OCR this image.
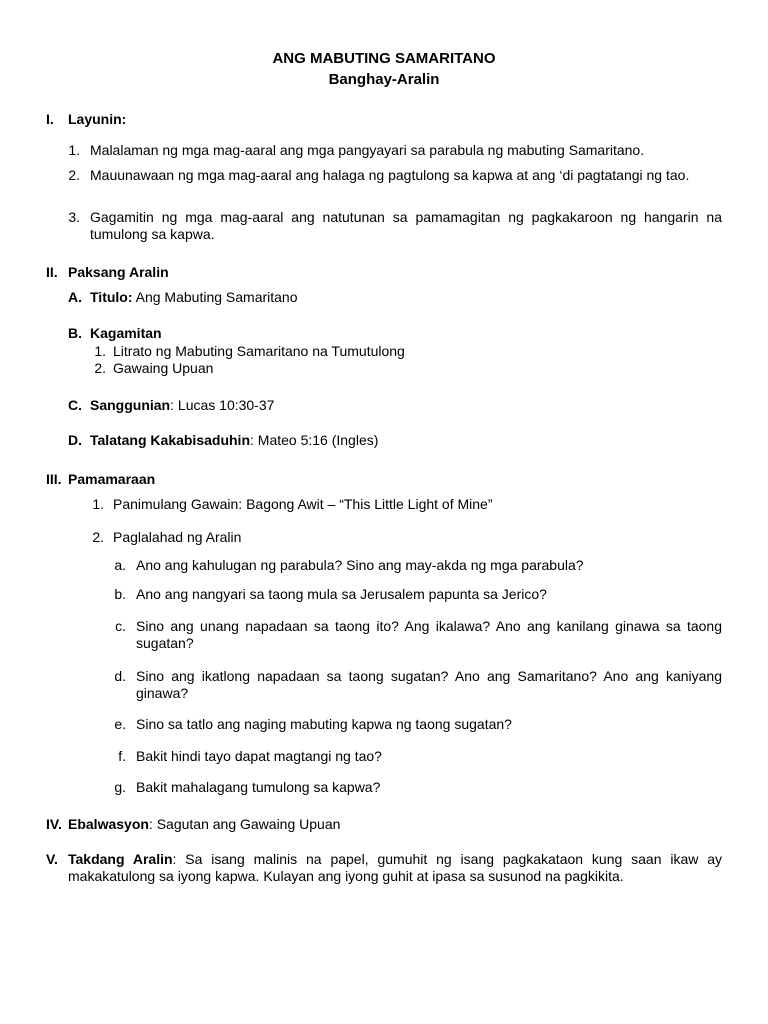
ANG MABUTING SAMARITANO
Banghay-Aralin
I. Layunin:
1. Malalaman ng mga mag-aaral ang mga pangyayari sa parabula ng mabuting Samaritano.
2. Mauunawaan ng mga mag-aaral ang halaga ng pagtulong sa kapwa at ang ‘di pagtatangi ng tao.
3. Gagamitin ng mga mag-aaral ang natutunan sa pamamagitan ng pagkakaroon ng hangarin na tumulong sa kapwa.
II. Paksang Aralin
A. Titulo: Ang Mabuting Samaritano
B. Kagamitan
1. Litrato ng Mabuting Samaritano na Tumutulong
2. Gawaing Upuan
C. Sanggunian: Lucas 10:30-37
D. Talatang Kakabisaduhin: Mateo 5:16 (Ingles)
III. Pamamaraan
1. Panimulang Gawain: Bagong Awit – “This Little Light of Mine”
2. Paglalahad ng Aralin
a. Ano ang kahulugan ng parabula? Sino ang may-akda ng mga parabula?
b. Ano ang nangyari sa taong mula sa Jerusalem papunta sa Jerico?
c. Sino ang unang napadaan sa taong ito? Ang ikalawa? Ano ang kanilang ginawa sa taong sugatan?
d. Sino ang ikatlong napadaan sa taong sugatan? Ano ang Samaritano? Ano ang kaniyang ginawa?
e. Sino sa tatlo ang naging mabuting kapwa ng taong sugatan?
f. Bakit hindi tayo dapat magtangi ng tao?
g. Bakit mahalagang tumulong sa kapwa?
IV. Ebalwasyon: Sagutan ang Gawaing Upuan
V. Takdang Aralin: Sa isang malinis na papel, gumuhit ng isang pagkakataon kung saan ikaw ay makakatulong sa iyong kapwa. Kulayan ang iyong guhit at ipasa sa susunod na pagkikita.
